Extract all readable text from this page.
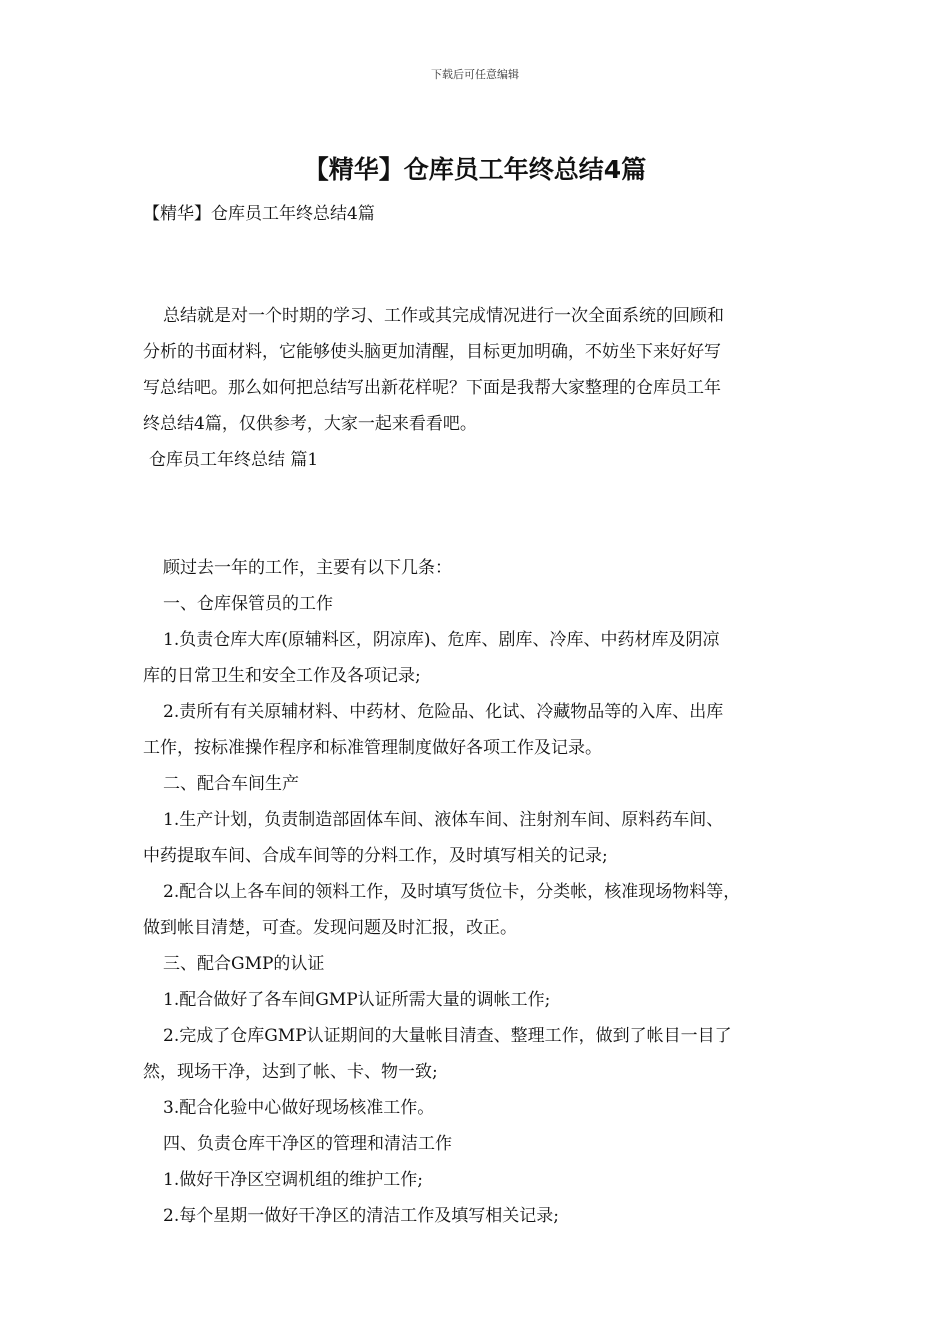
下载后可任意编辑
【精华】仓库员工年终总结4篇

【精华】仓库员工年终总结4篇

总结就是对一个时期的学习、工作或其完成情况进行一次全面系统的回顾和
分析的书面材料，它能够使头脑更加清醒，目标更加明确，不妨坐下来好好写
写总结吧。那么如何把总结写出新花样呢？下面是我帮大家整理的仓库员工年
终总结4篇，仅供参考，大家一起来看看吧。
仓库员工年终总结 篇1
顾过去一年的工作，主要有以下几条：
一、仓库保管员的工作
1.负责仓库大库(原辅料区，阴凉库)、危库、剧库、冷库、中药材库及阴凉
库的日常卫生和安全工作及各项记录;
2.责所有有关原辅材料、中药材、危险品、化试、冷藏物品等的入库、出库
工作，按标准操作程序和标准管理制度做好各项工作及记录。
二、配合车间生产
1.生产计划，负责制造部固体车间、液体车间、注射剂车间、原料药车间、
中药提取车间、合成车间等的分料工作，及时填写相关的记录;
2.配合以上各车间的领料工作，及时填写货位卡，分类帐，核准现场物料等，
做到帐目清楚，可查。发现问题及时汇报，改正。
三、配合GMP的认证
1.配合做好了各车间GMP认证所需大量的调帐工作;
2.完成了仓库GMP认证期间的大量帐目清查、整理工作，做到了帐目一目了
然，现场干净，达到了帐、卡、物一致;
3.配合化验中心做好现场核准工作。
四、负责仓库干净区的管理和清洁工作
1.做好干净区空调机组的维护工作;
2.每个星期一做好干净区的清洁工作及填写相关记录;
